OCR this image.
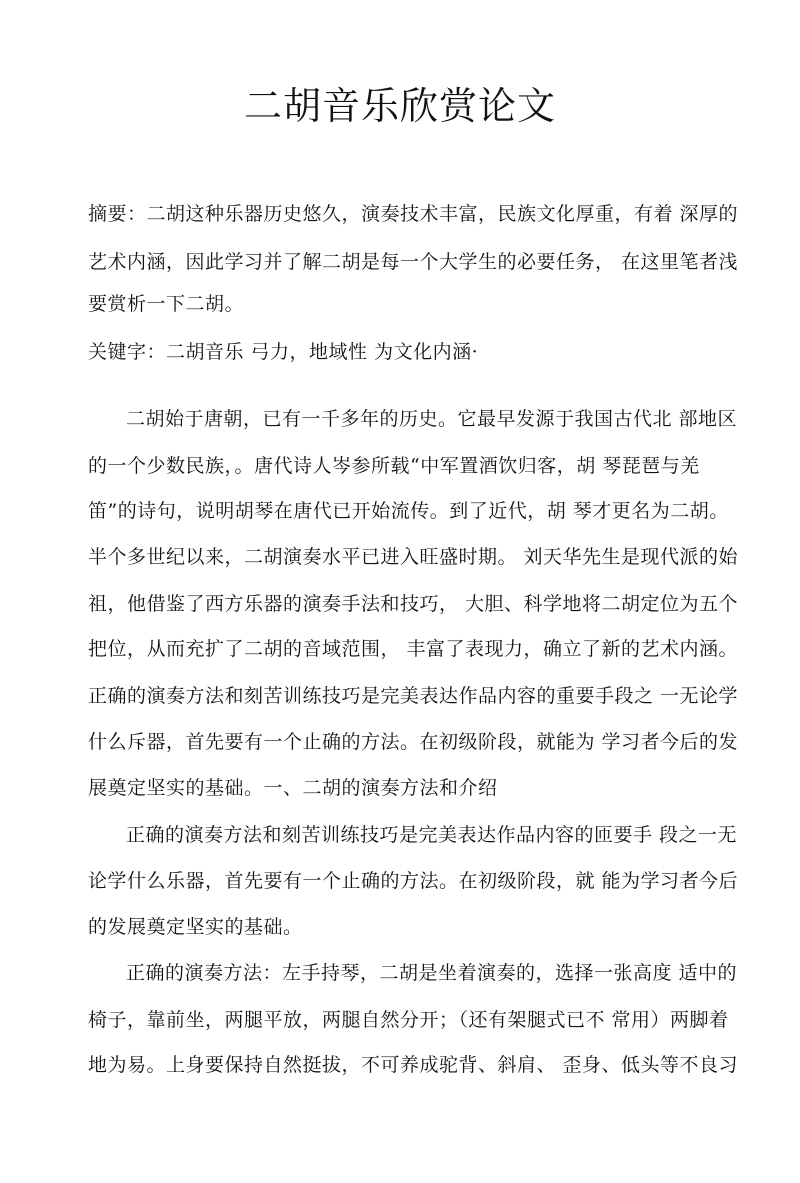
二胡音乐欣赏论文
摘要：二胡这种乐器历史悠久，演奏技术丰富，民族文化厚重，有着 深厚的
艺术内涵，因此学习并了解二胡是每一个大学生的必要任务， 在这里笔者浅
要赏析一下二胡。
关键字：二胡音乐 弓力，地域性 为文化内涵·
二胡始于唐朝，已有一千多年的历史。它最早发源于我国古代北 部地区
的一个少数民族，。唐代诗人岑参所载“中军置酒饮归客，胡 琴琵琶与羌
笛”的诗句，说明胡琴在唐代已开始流传。到了近代，胡 琴才更名为二胡。
半个多世纪以来，二胡演奏水平已进入旺盛时期。 刘天华先生是现代派的始
祖，他借鉴了西方乐器的演奏手法和技巧， 大胆、科学地将二胡定位为五个
把位，从而充扩了二胡的音域范围， 丰富了表现力，确立了新的艺术内涵。
正确的演奏方法和刻苦训练技巧是完美表达作品内容的重要手段之 一无论学
什么斥器，首先要有一个止确的方法。在初级阶段，就能为 学习者今后的发
展奠定坚实的基础。一、二胡的演奏方法和介绍
正确的演奏方法和刻苦训练技巧是完美表达作品内容的匝要手 段之一无
论学什么乐器，首先要有一个止确的方法。在初级阶段，就 能为学习者今后
的发展奠定坚实的基础。
正确的演奏方法：左手持琴，二胡是坐着演奏的，选择一张高度 适中的
椅子，靠前坐，两腿平放，两腿自然分开；（还有架腿式已不 常用）两脚着
地为易。上身要保持自然挺拔，不可养成驼背、斜肩、 歪身、低头等不良习
